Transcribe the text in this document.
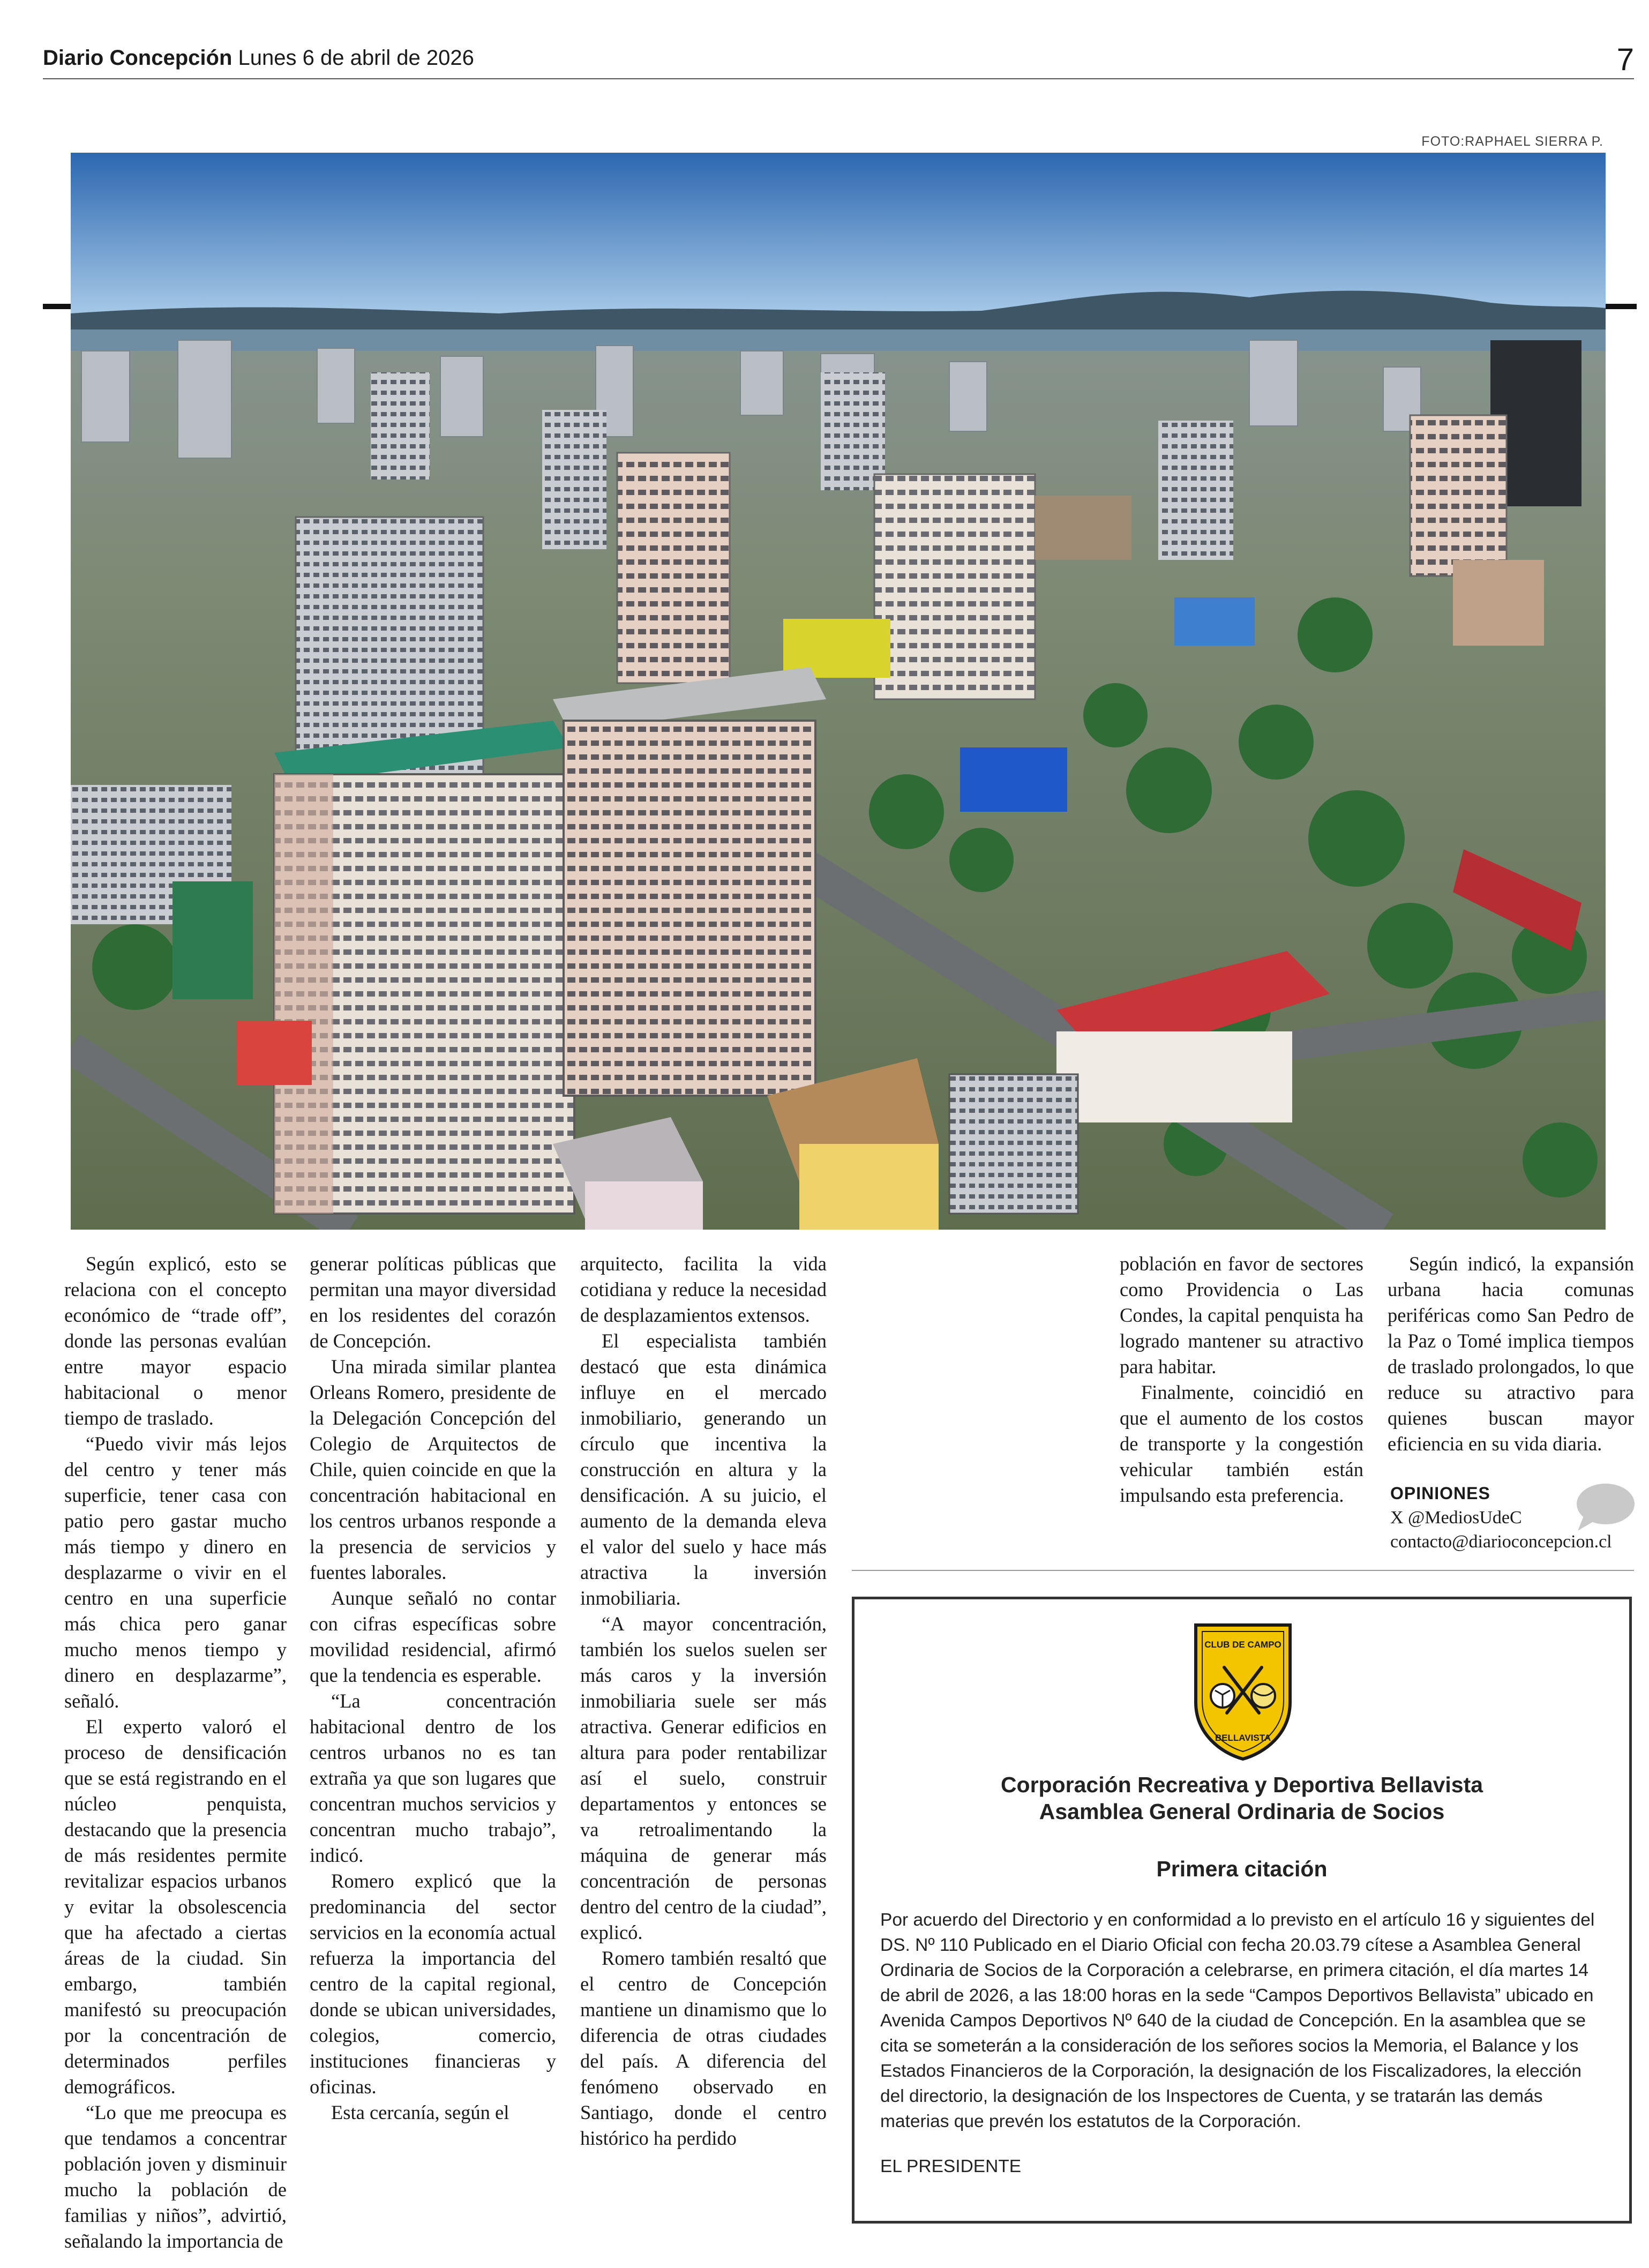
Diario Concepción Lunes 6 de abril de 2026	7
FOTO:RAPHAEL SIERRA P.

Según explicó, esto se relaciona con el concepto económico de “trade off”, donde las personas evalúan entre mayor espacio habitacional o menor tiempo de traslado.

“Puedo vivir más lejos del centro y tener más superficie, tener casa con patio pero gastar mucho más tiempo y dinero en desplazarme o vivir en el centro en una superficie más chica pero ganar mucho menos tiempo y dinero en desplazarme”, señaló.

El experto valoró el proceso de densificación que se está registrando en el núcleo penquista, destacando que la presencia de más residentes permite revitalizar espacios urbanos y evitar la obsolescencia que ha afectado a ciertas áreas de la ciudad. Sin embargo, también manifestó su preocupación por la concentración de determinados perfiles demográficos.

“Lo que me preocupa es que tendamos a concentrar población joven y disminuir mucho la población de familias y niños”, advirtió, señalando la importancia de

generar políticas públicas que permitan una mayor diversidad en los residentes del corazón de Concepción.

Una mirada similar plantea Orleans Romero, presidente de la Delegación Concepción del Colegio de Arquitectos de Chile, quien coincide en que la concentración habitacional en los centros urbanos responde a la presencia de servicios y fuentes laborales.

Aunque señaló no contar con cifras específicas sobre movilidad residencial, afirmó que la tendencia es esperable.

“La concentración habitacional dentro de los centros urbanos no es tan extraña ya que son lugares que concentran muchos servicios y concentran mucho trabajo”, indicó.

Romero explicó que la predominancia del sector servicios en la economía actual refuerza la importancia del centro de la capital regional, donde se ubican universidades, colegios, comercio, instituciones financieras y oficinas.

Esta cercanía, según el

arquitecto, facilita la vida cotidiana y reduce la necesidad de desplazamientos extensos.

El especialista también destacó que esta dinámica influye en el mercado inmobiliario, generando un círculo que incentiva la construcción en altura y la densificación. A su juicio, el aumento de la demanda eleva el valor del suelo y hace más atractiva la inversión inmobiliaria.

“A mayor concentración, también los suelos suelen ser más caros y la inversión inmobiliaria suele ser más atractiva. Generar edificios en altura para poder rentabilizar así el suelo, construir departamentos y entonces se va retroalimentando la máquina de generar más concentración de personas dentro del centro de la ciudad”, explicó.

Romero también resaltó que el centro de Concepción mantiene un dinamismo que lo diferencia de otras ciudades del país. A diferencia del fenómeno observado en Santiago, donde el centro histórico ha perdido

población en favor de sectores como Providencia o Las Condes, la capital penquista ha logrado mantener su atractivo para habitar.

Finalmente, coincidió en que el aumento de los costos de transporte y la congestión vehicular también están impulsando esta preferencia.

Según indicó, la expansión urbana hacia comunas periféricas como San Pedro de la Paz o Tomé implica tiempos de traslado prolongados, lo que reduce su atractivo para quienes buscan mayor eficiencia en su vida diaria.

OPINIONES
X @MediosUdeC
contacto@diarioconcepcion.cl
CLUB DE CAMPO
BELLAVISTA
Corporación Recreativa y Deportiva Bellavista
Asamblea General Ordinaria de Socios
Primera citación
Por acuerdo del Directorio y en conformidad a lo previsto en el artículo 16 y siguientes del DS. Nº 110 Publicado en el Diario Oficial con fecha 20.03.79 cítese a Asamblea General Ordinaria de Socios de la Corporación a celebrarse, en primera citación, el día martes 14 de abril de 2026, a las 18:00 horas en la sede “Campos Deportivos Bellavista” ubicado en Avenida Campos Deportivos Nº 640 de la ciudad de Concepción. En la asamblea que se cita se someterán a la consideración de los señores socios la Memoria, el Balance y los Estados Financieros de la Corporación, la designación de los Fiscalizadores, la elección del directorio, la designación de los Inspectores de Cuenta, y se tratarán las demás materias que prevén los estatutos de la Corporación.
EL PRESIDENTE
